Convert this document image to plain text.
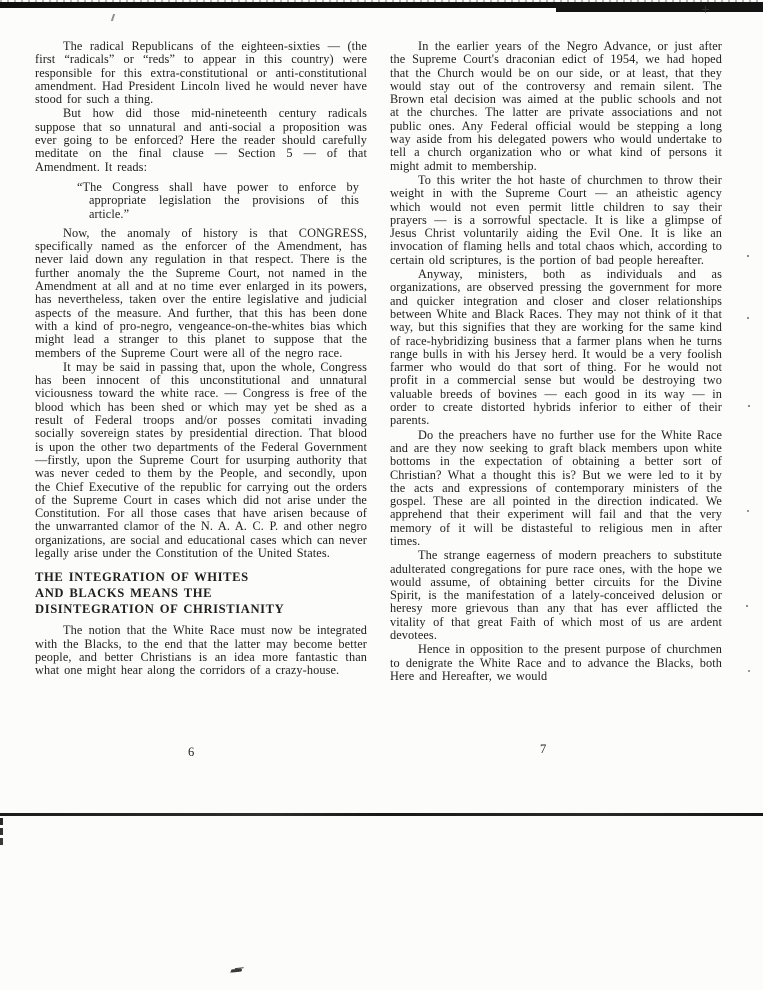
The radical Republicans of the eighteen-sixties — (the first “radicals” or “reds” to appear in this country) were responsible for this extra-constitutional or anti-constitutional amendment. Had President Lincoln lived he would never have stood for such a thing.

But how did those mid-nineteenth century radicals suppose that so unnatural and anti-social a proposition was ever going to be enforced? Here the reader should carefully meditate on the final clause — Section 5 — of that Amendment. It reads:

“The Congress shall have power to enforce by appropriate legislation the provisions of this article.”

Now, the anomaly of history is that CONGRESS, specifically named as the enforcer of the Amendment, has never laid down any regulation in that respect. There is the further anomaly the the Supreme Court, not named in the Amendment at all and at no time ever enlarged in its powers, has nevertheless, taken over the entire legislative and judicial aspects of the measure. And further, that this has been done with a kind of pro-negro, vengeance-on-the-whites bias which might lead a stranger to this planet to suppose that the members of the Supreme Court were all of the negro race.

It may be said in passing that, upon the whole, Congress has been innocent of this unconstitutional and unnatural viciousness toward the white race. — Congress is free of the blood which has been shed or which may yet be shed as a result of Federal troops and/or posses comitati invading socially sovereign states by presidential direction. That blood is upon the other two departments of the Federal Government—firstly, upon the Supreme Court for usurping authority that was never ceded to them by the People, and secondly, upon the Chief Executive of the republic for carrying out the orders of the Supreme Court in cases which did not arise under the Constitution. For all those cases that have arisen because of the unwarranted clamor of the N. A. A. C. P. and other negro organizations, are social and educational cases which can never legally arise under the Constitution of the United States.

THE INTEGRATION OF WHITES
AND BLACKS MEANS THE
DISINTEGRATION OF CHRISTIANITY

The notion that the White Race must now be integrated with the Blacks, to the end that the latter may become better people, and better Christians is an idea more fantastic than what one might hear along the corridors of a crazy-house.

In the earlier years of the Negro Advance, or just after the Supreme Court's draconian edict of 1954, we had hoped that the Church would be on our side, or at least, that they would stay out of the controversy and remain silent. The Brown etal decision was aimed at the public schools and not at the churches. The latter are private associations and not public ones. Any Federal official would be stepping a long way aside from his delegated powers who would undertake to tell a church organization who or what kind of persons it might admit to membership.

To this writer the hot haste of churchmen to throw their weight in with the Supreme Court — an atheistic agency which would not even permit little children to say their prayers — is a sorrowful spectacle. It is like a glimpse of Jesus Christ voluntarily aiding the Evil One. It is like an invocation of flaming hells and total chaos which, according to certain old scriptures, is the portion of bad people hereafter.

Anyway, ministers, both as individuals and as organizations, are observed pressing the government for more and quicker integration and closer and closer relationships between White and Black Races. They may not think of it that way, but this signifies that they are working for the same kind of race-hybridizing business that a farmer plans when he turns range bulls in with his Jersey herd. It would be a very foolish farmer who would do that sort of thing. For he would not profit in a commercial sense but would be destroying two valuable breeds of bovines — each good in its way — in order to create distorted hybrids inferior to either of their parents.

Do the preachers have no further use for the White Race and are they now seeking to graft black members upon white bottoms in the expectation of obtaining a better sort of Christian? What a thought this is? But we were led to it by the acts and expressions of contemporary ministers of the gospel. These are all pointed in the direction indicated. We apprehend that their experiment will fail and that the very memory of it will be distasteful to religious men in after times.

The strange eagerness of modern preachers to substitute adulterated congregations for pure race ones, with the hope we would assume, of obtaining better circuits for the Divine Spirit, is the manifestation of a lately-conceived delusion or heresy more grievous than any that has ever afflicted the vitality of that great Faith of which most of us are ardent devotees.

Hence in opposition to the present purpose of churchmen to denigrate the White Race and to advance the Blacks, both Here and Hereafter, we would

6	7
